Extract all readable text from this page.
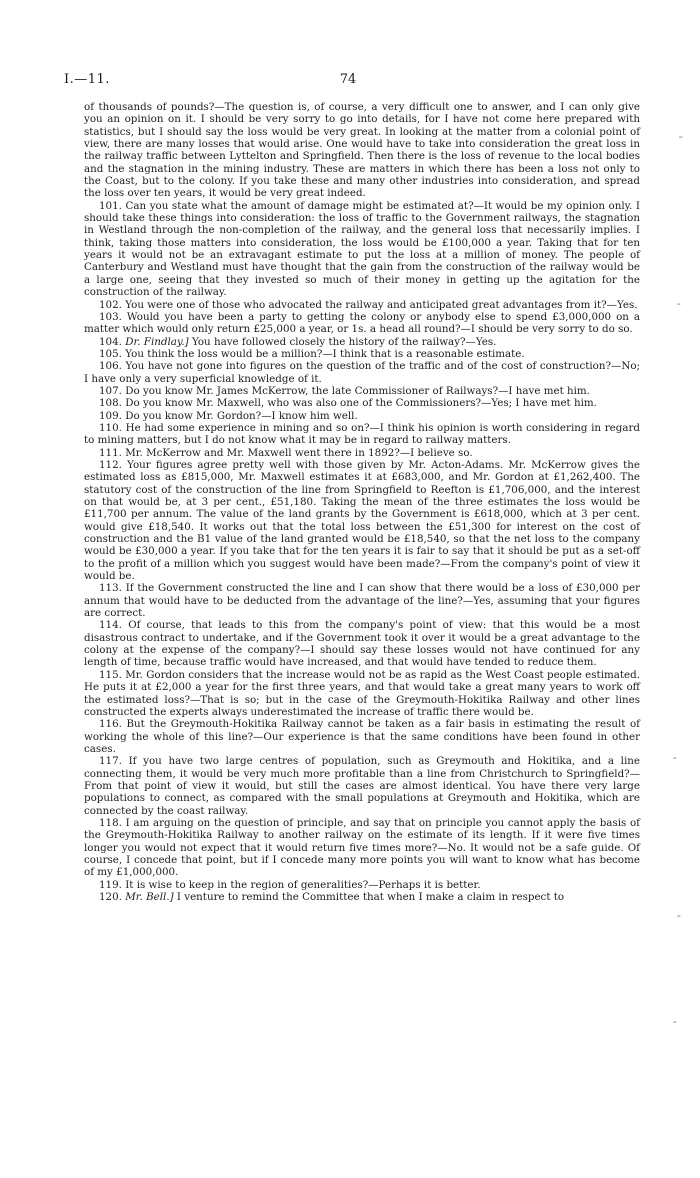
I.—11.	74

of thousands of pounds?—The question is, of course, a very difficult one to answer, and I can only give you an opinion on it. I should be very sorry to go into details, for I have not come here prepared with statistics, but I should say the loss would be very great. In looking at the matter from a colonial point of view, there are many losses that would arise. One would have to take into consideration the great loss in the railway traffic between Lyttelton and Springfield. Then there is the loss of revenue to the local bodies and the stagnation in the mining industry. These are matters in which there has been a loss not only to the Coast, but to the colony. If you take these and many other industries into consideration, and spread the loss over ten years, it would be very great indeed.

101. Can you state what the amount of damage might be estimated at?—It would be my opinion only. I should take these things into consideration: the loss of traffic to the Government railways, the stagnation in Westland through the non-completion of the railway, and the general loss that necessarily implies. I think, taking those matters into consideration, the loss would be £100,000 a year. Taking that for ten years it would not be an extravagant estimate to put the loss at a million of money. The people of Canterbury and Westland must have thought that the gain from the construction of the railway would be a large one, seeing that they invested so much of their money in getting up the agitation for the construction of the railway.

102. You were one of those who advocated the railway and anticipated great advantages from it?—Yes.

103. Would you have been a party to getting the colony or anybody else to spend £3,000,000 on a matter which would only return £25,000 a year, or 1s. a head all round?—I should be very sorry to do so.

104. Dr. Findlay.] You have followed closely the history of the railway?—Yes.

105. You think the loss would be a million?—I think that is a reasonable estimate.

106. You have not gone into figures on the question of the traffic and of the cost of construction?—No; I have only a very superficial knowledge of it.

107. Do you know Mr. James McKerrow, the late Commissioner of Railways?—I have met him.

108. Do you know Mr. Maxwell, who was also one of the Commissioners?—Yes; I have met him.

109. Do you know Mr. Gordon?—I know him well.

110. He had some experience in mining and so on?—I think his opinion is worth considering in regard to mining matters, but I do not know what it may be in regard to railway matters.

111. Mr. McKerrow and Mr. Maxwell went there in 1892?—I believe so.

112. Your figures agree pretty well with those given by Mr. Acton-Adams. Mr. McKerrow gives the estimated loss as £815,000, Mr. Maxwell estimates it at £683,000, and Mr. Gordon at £1,262,400. The statutory cost of the construction of the line from Springfield to Reefton is £1,706,000, and the interest on that would be, at 3 per cent., £51,180. Taking the mean of the three estimates the loss would be £11,700 per annum. The value of the land grants by the Government is £618,000, which at 3 per cent. would give £18,540. It works out that the total loss between the £51,300 for interest on the cost of construction and the B1 value of the land granted would be £18,540, so that the net loss to the company would be £30,000 a year. If you take that for the ten years it is fair to say that it should be put as a set-off to the profit of a million which you suggest would have been made?—From the company's point of view it would be.

113. If the Government constructed the line and I can show that there would be a loss of £30,000 per annum that would have to be deducted from the advantage of the line?—Yes, assuming that your figures are correct.

114. Of course, that leads to this from the company's point of view: that this would be a most disastrous contract to undertake, and if the Government took it over it would be a great advantage to the colony at the expense of the company?—I should say these losses would not have continued for any length of time, because traffic would have increased, and that would have tended to reduce them.

115. Mr. Gordon considers that the increase would not be as rapid as the West Coast people estimated. He puts it at £2,000 a year for the first three years, and that would take a great many years to work off the estimated loss?—That is so; but in the case of the Greymouth-Hokitika Railway and other lines constructed the experts always underestimated the increase of traffic there would be.

116. But the Greymouth-Hokitika Railway cannot be taken as a fair basis in estimating the result of working the whole of this line?—Our experience is that the same conditions have been found in other cases.

117. If you have two large centres of population, such as Greymouth and Hokitika, and a line connecting them, it would be very much more profitable than a line from Christchurch to Springfield?—From that point of view it would, but still the cases are almost identical. You have there very large populations to connect, as compared with the small populations at Greymouth and Hokitika, which are connected by the coast railway.

118. I am arguing on the question of principle, and say that on principle you cannot apply the basis of the Greymouth-Hokitika Railway to another railway on the estimate of its length. If it were five times longer you would not expect that it would return five times more?—No. It would not be a safe guide. Of course, I concede that point, but if I concede many more points you will want to know what has become of my £1,000,000.

119. It is wise to keep in the region of generalities?—Perhaps it is better.

120. Mr. Bell.] I venture to remind the Committee that when I make a claim in respect to

ˉ
ˉ
ˉ
ˉ
ˉ
